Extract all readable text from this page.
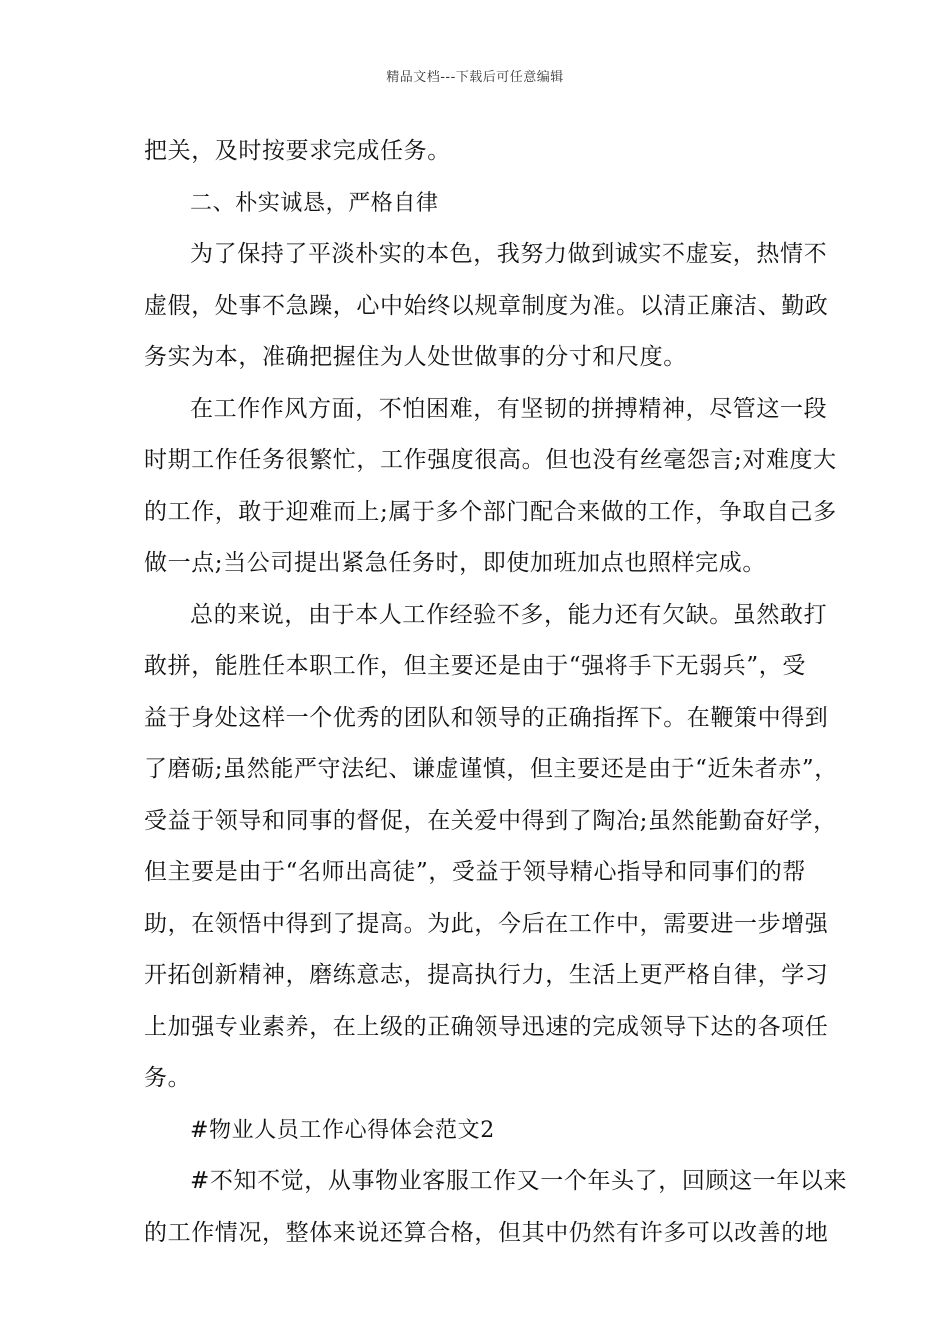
精品文档---下载后可任意编辑
把关，及时按要求完成任务。
二、朴实诚恳，严格自律
为了保持了平淡朴实的本色，我努力做到诚实不虚妄，热情不
虚假，处事不急躁，心中始终以规章制度为准。以清正廉洁、勤政
务实为本，准确把握住为人处世做事的分寸和尺度。
在工作作风方面，不怕困难，有坚韧的拼搏精神，尽管这一段
时期工作任务很繁忙，工作强度很高。但也没有丝毫怨言;对难度大
的工作，敢于迎难而上;属于多个部门配合来做的工作，争取自己多
做一点;当公司提出紧急任务时，即使加班加点也照样完成。
总的来说，由于本人工作经验不多，能力还有欠缺。虽然敢打
敢拼，能胜任本职工作，但主要还是由于“强将手下无弱兵”，受
益于身处这样一个优秀的团队和领导的正确指挥下。在鞭策中得到
了磨砺;虽然能严守法纪、谦虚谨慎，但主要还是由于“近朱者赤”，
受益于领导和同事的督促，在关爱中得到了陶冶;虽然能勤奋好学，
但主要是由于“名师出高徒”，受益于领导精心指导和同事们的帮
助，在领悟中得到了提高。为此，今后在工作中，需要进一步增强
开拓创新精神，磨练意志，提高执行力，生活上更严格自律，学习
上加强专业素养，在上级的正确领导迅速的完成领导下达的各项任
务。
#物业人员工作心得体会范文2
#不知不觉，从事物业客服工作又一个年头了，回顾这一年以来
的工作情况，整体来说还算合格，但其中仍然有许多可以改善的地
